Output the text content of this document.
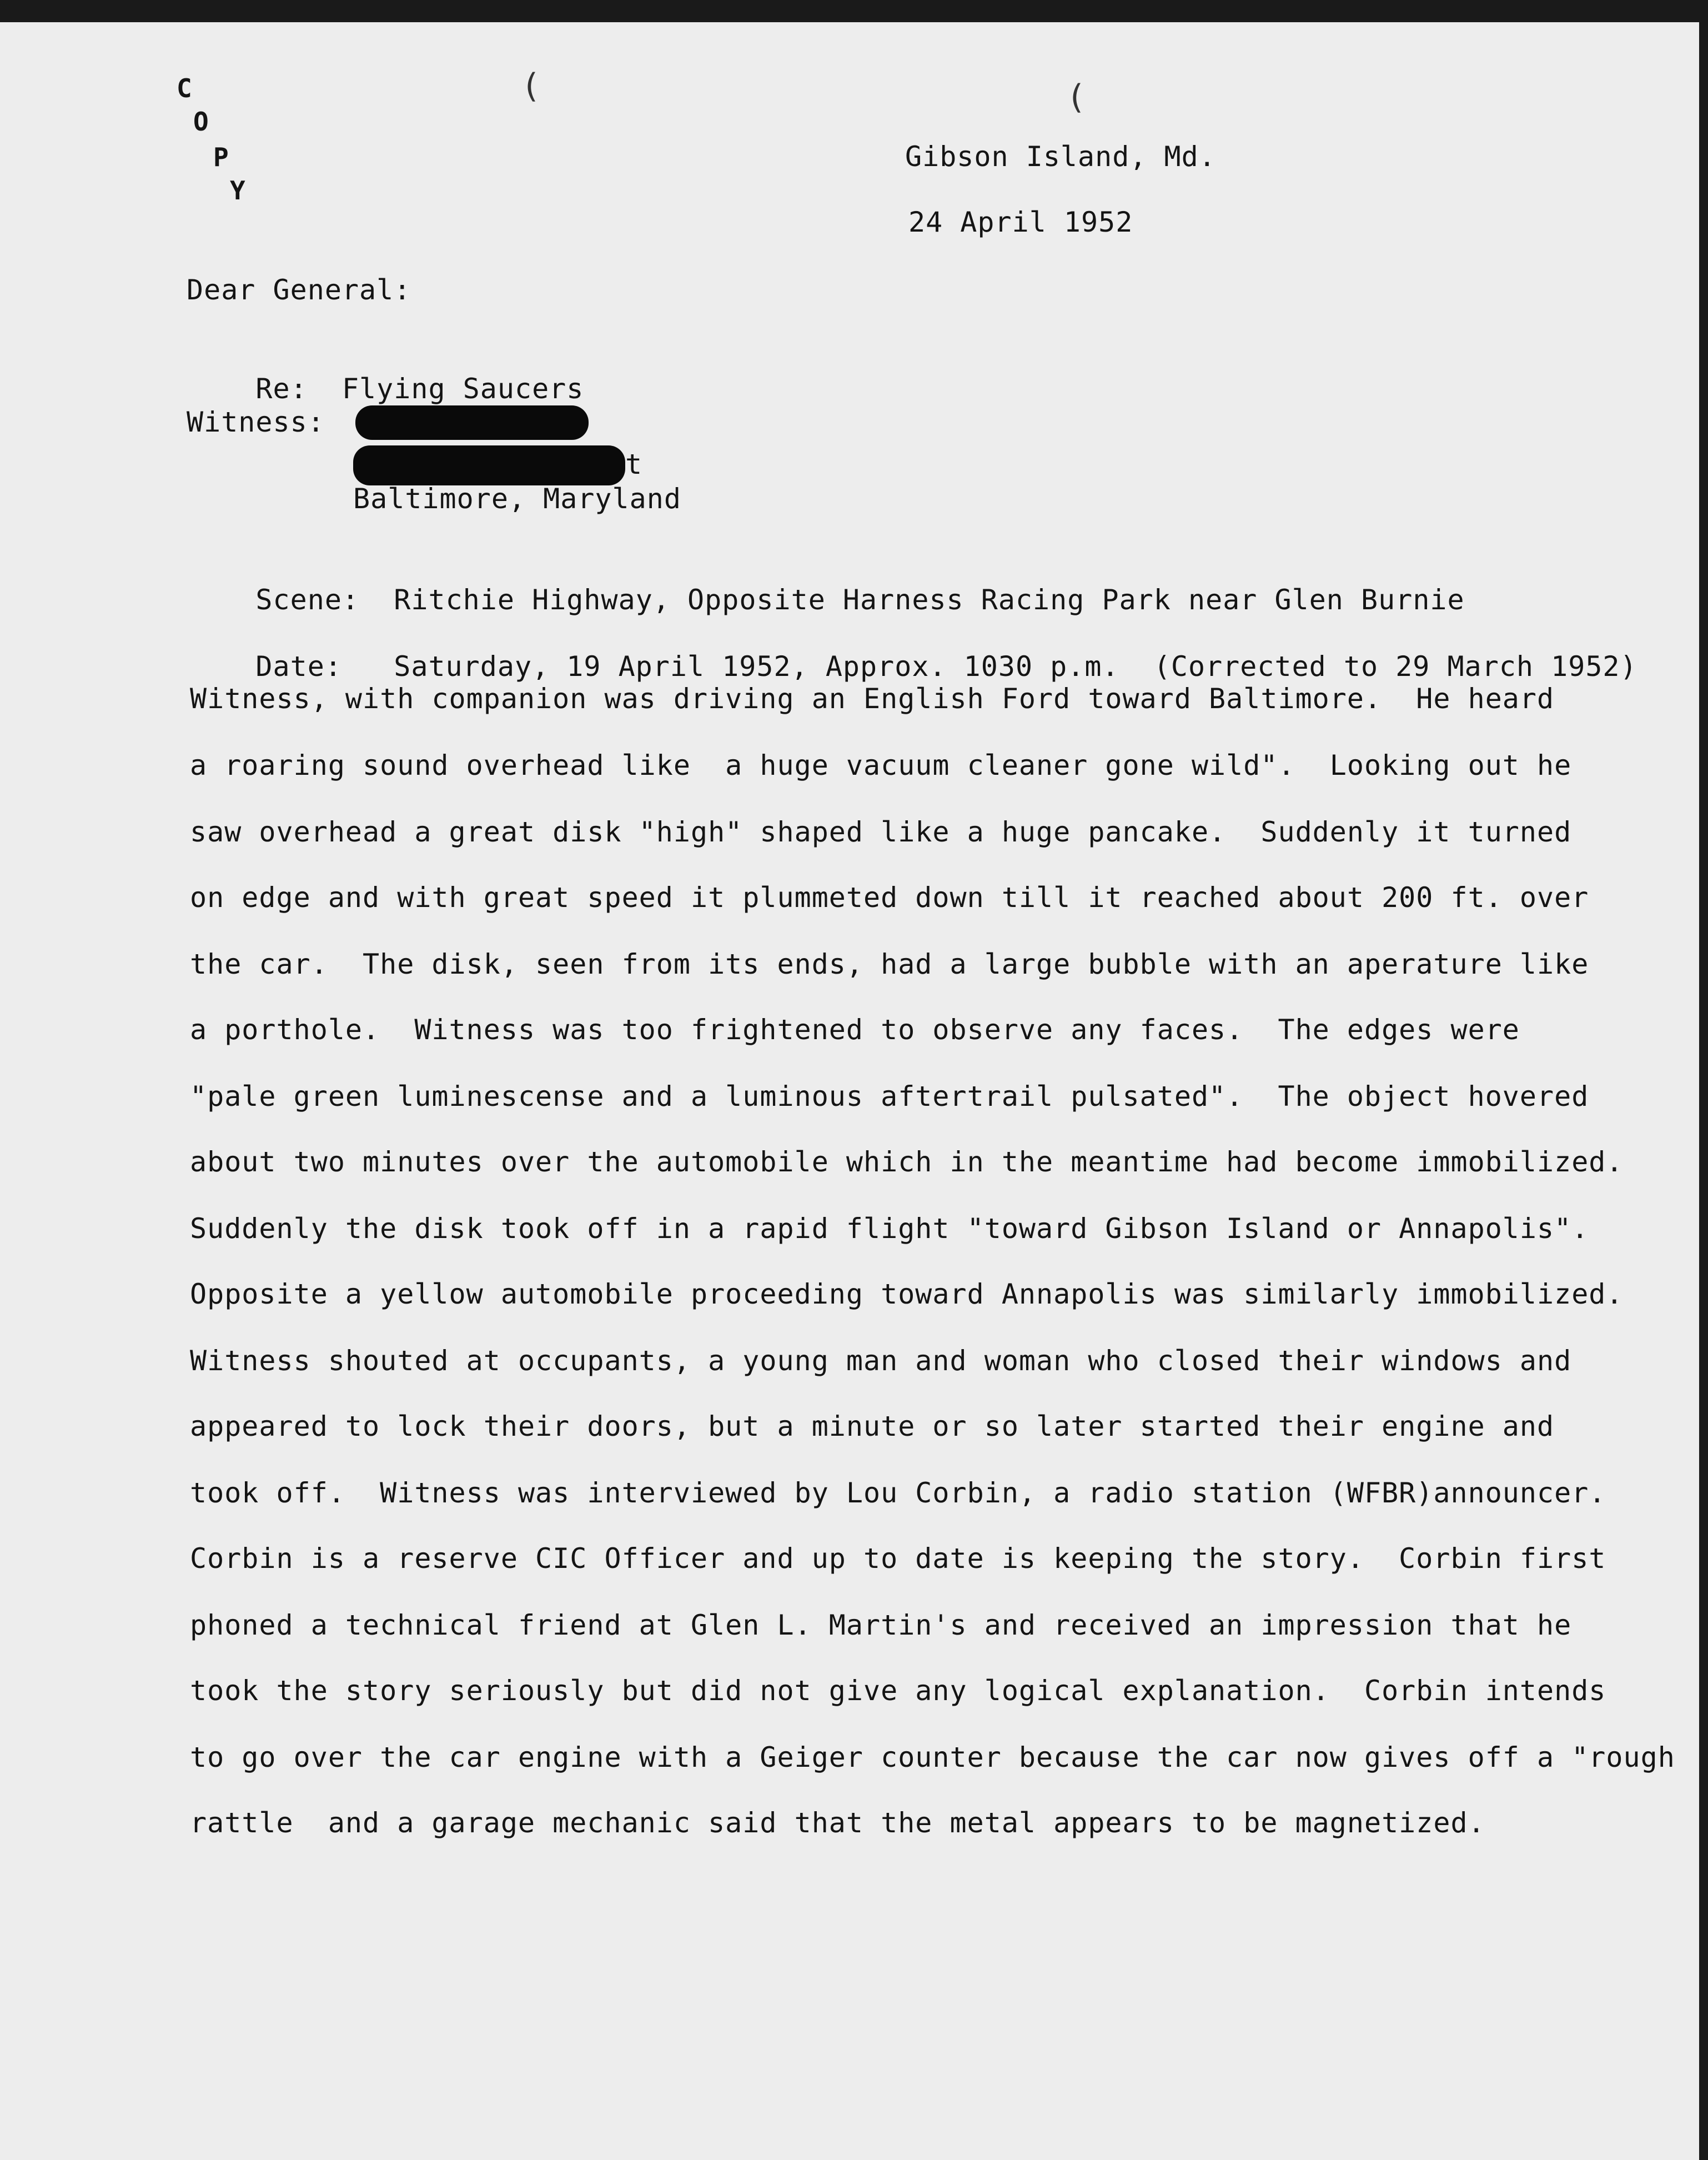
C
O
P
Y
(	(
Gibson Island, Md.
24 April 1952
Dear General:

Re: Flying Saucers

Witness:
t
Baltimore, Maryland

Scene: Ritchie Highway, Opposite Harness Racing Park near Glen Burnie

Date: Saturday, 19 April 1952, Approx. 1030 p.m.  (Corrected to 29 March 1952)

Witness, with companion was driving an English Ford toward Baltimore.  He heard
a roaring sound overhead like  a huge vacuum cleaner gone wild".  Looking out he
saw overhead a great disk "high" shaped like a huge pancake.  Suddenly it turned
on edge and with great speed it plummeted down till it reached about 200 ft. over
the car.  The disk, seen from its ends, had a large bubble with an aperature like
a porthole.  Witness was too frightened to observe any faces.  The edges were
"pale green luminescense and a luminous aftertrail pulsated".  The object hovered
about two minutes over the automobile which in the meantime had become immobilized.
Suddenly the disk took off in a rapid flight "toward Gibson Island or Annapolis".
Opposite a yellow automobile proceeding toward Annapolis was similarly immobilized.
Witness shouted at occupants, a young man and woman who closed their windows and
appeared to lock their doors, but a minute or so later started their engine and
took off.  Witness was interviewed by Lou Corbin, a radio station (WFBR)announcer.
Corbin is a reserve CIC Officer and up to date is keeping the story.  Corbin first
phoned a technical friend at Glen L. Martin's and received an impression that he
took the story seriously but did not give any logical explanation.  Corbin intends
to go over the car engine with a Geiger counter because the car now gives off a "rough
rattle  and a garage mechanic said that the metal appears to be magnetized.
